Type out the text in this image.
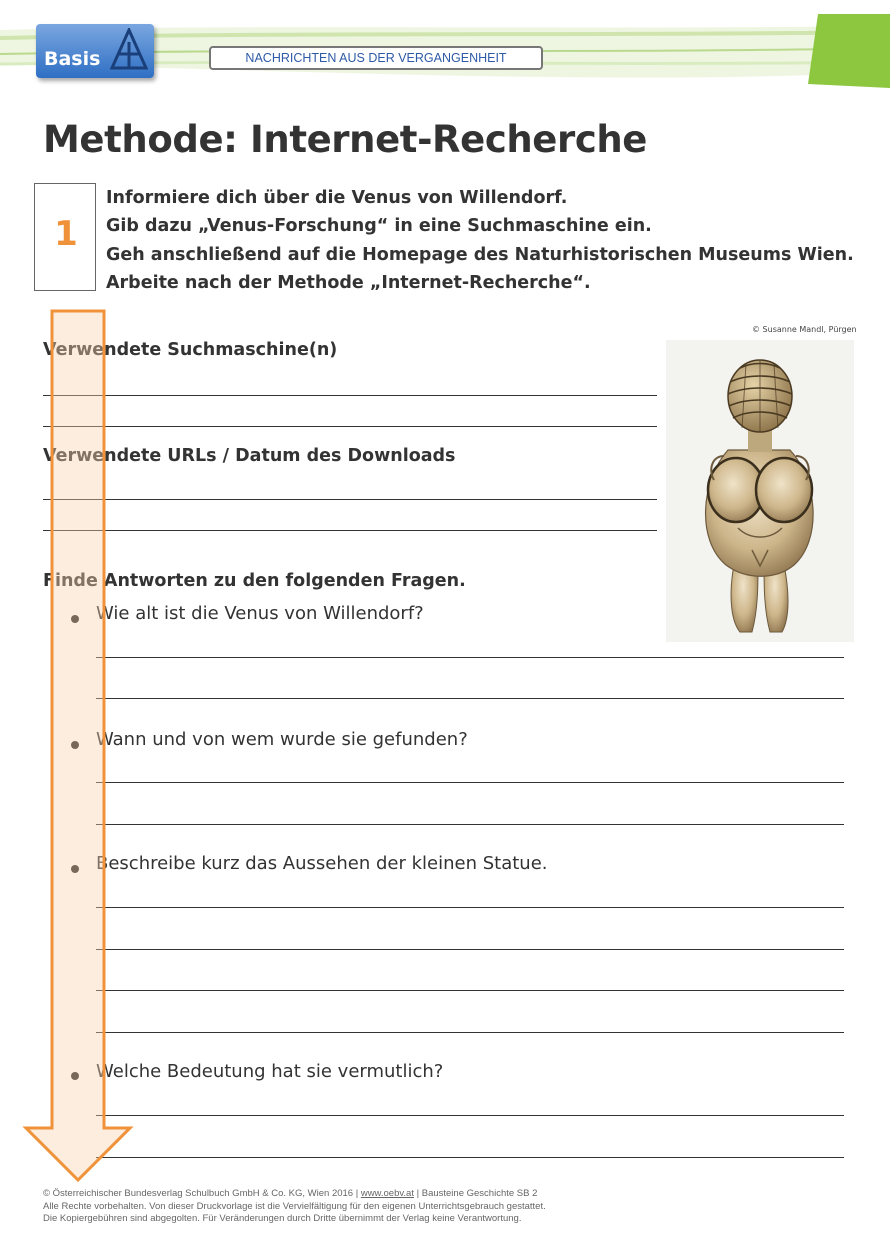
Basis	NACHRICHTEN AUS DER VERGANGENHEIT
Methode: Internet-Recherche
1
Informiere dich über die Venus von Willendorf.
Gib dazu „Venus-Forschung“ in eine Suchmaschine ein.
Geh anschließend auf die Homepage des Naturhistorischen Museums Wien.
Arbeite nach der Methode „Internet-Recherche“.
© Susanne Mandl, Pürgen
Verwendete Suchmaschine(n)
Verwendete URLs / Datum des Downloads
Finde Antworten zu den folgenden Fragen.
Wie alt ist die Venus von Willendorf?
Wann und von wem wurde sie gefunden?
Beschreibe kurz das Aussehen der kleinen Statue.
Welche Bedeutung hat sie vermutlich?
© Österreichischer Bundesverlag Schulbuch GmbH & Co. KG, Wien 2016 | www.oebv.at | Bausteine Geschichte SB 2
Alle Rechte vorbehalten. Von dieser Druckvorlage ist die Vervielfältigung für den eigenen Unterrichtsgebrauch gestattet.
Die Kopiergebühren sind abgegolten. Für Veränderungen durch Dritte übernimmt der Verlag keine Verantwortung.
